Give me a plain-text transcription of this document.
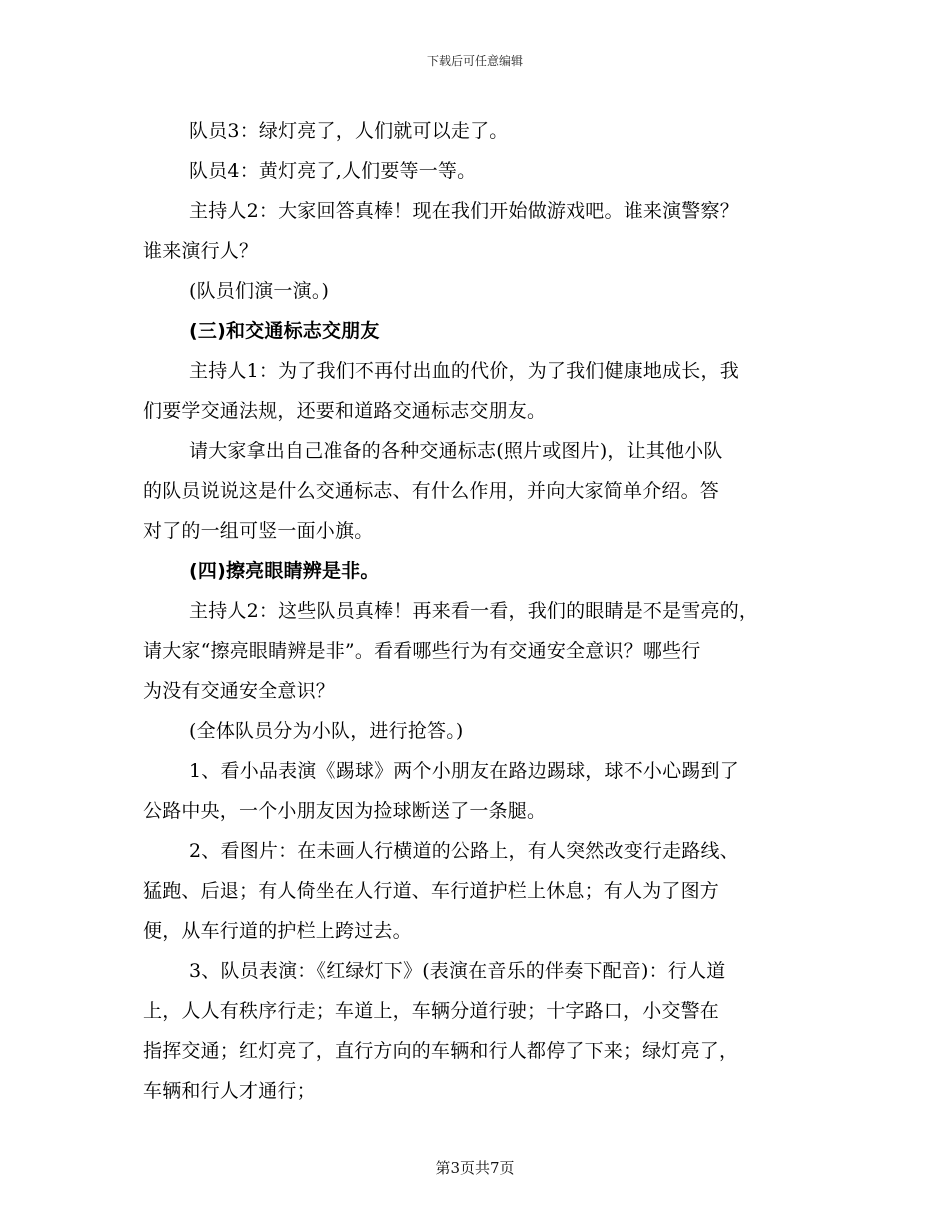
下载后可任意编辑
队员3：绿灯亮了，人们就可以走了。
队员4：黄灯亮了,人们要等一等。
主持人2：大家回答真棒！现在我们开始做游戏吧。谁来演警察？
谁来演行人？
(队员们演一演。)
(三)和交通标志交朋友
主持人1：为了我们不再付出血的代价，为了我们健康地成长，我
们要学交通法规，还要和道路交通标志交朋友。
请大家拿出自己准备的各种交通标志(照片或图片)，让其他小队
的队员说说这是什么交通标志、有什么作用，并向大家简单介绍。答
对了的一组可竖一面小旗。
(四)擦亮眼睛辨是非。
主持人2：这些队员真棒！再来看一看，我们的眼睛是不是雪亮的，
请大家“擦亮眼睛辨是非”。看看哪些行为有交通安全意识？哪些行
为没有交通安全意识？
(全体队员分为小队，进行抢答。)
1、看小品表演《踢球》两个小朋友在路边踢球，球不小心踢到了
公路中央，一个小朋友因为捡球断送了一条腿。
2、看图片：在未画人行横道的公路上，有人突然改变行走路线、
猛跑、后退；有人倚坐在人行道、车行道护栏上休息；有人为了图方
便，从车行道的护栏上跨过去。
3、队员表演：《红绿灯下》(表演在音乐的伴奏下配音)：行人道
上，人人有秩序行走；车道上，车辆分道行驶；十字路口，小交警在
指挥交通；红灯亮了，直行方向的车辆和行人都停了下来；绿灯亮了，
车辆和行人才通行；
第3页共7页
